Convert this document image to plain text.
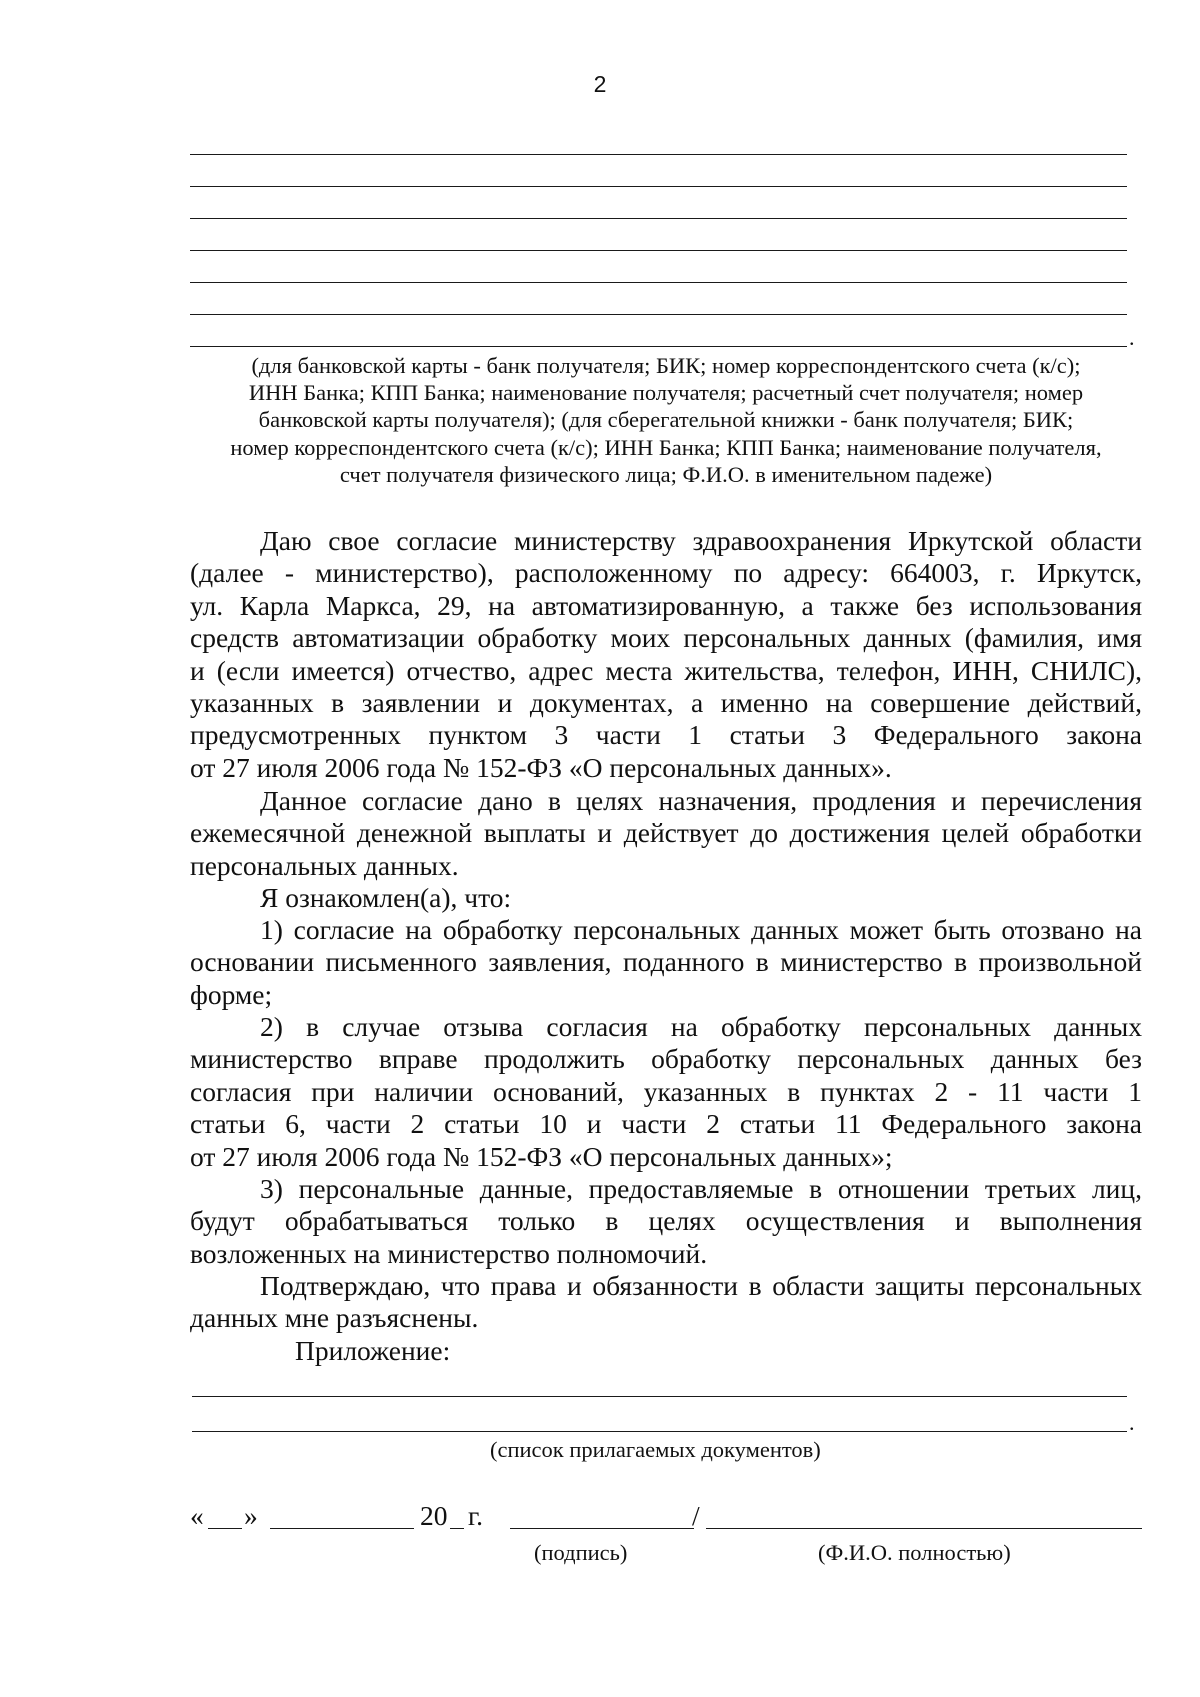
2
.
(для банковской карты - банк получателя; БИК; номер корреспондентского счета (к/с);
ИНН Банка; КПП Банка; наименование получателя; расчетный счет получателя; номер
банковской карты получателя); (для сберегательной книжки - банк получателя; БИК;
номер корреспондентского счета (к/с); ИНН Банка; КПП Банка; наименование получателя,
счет получателя физического лица; Ф.И.О. в именительном падеже)
Даю свое согласие министерству здравоохранения Иркутской области
(далее - министерство), расположенному по адресу: 664003, г. Иркутск,
ул. Карла Маркса, 29, на автоматизированную, а также без использования
средств автоматизации обработку моих персональных данных (фамилия, имя
и (если имеется) отчество, адрес места жительства, телефон, ИНН, СНИЛС),
указанных в заявлении и документах, а именно на совершение действий,
предусмотренных пунктом 3 части 1 статьи 3 Федерального закона
от 27 июля 2006 года № 152-ФЗ «О персональных данных».
Данное согласие дано в целях назначения, продления и перечисления
ежемесячной денежной выплаты и действует до достижения целей обработки
персональных данных.
Я ознакомлен(а), что:
1) согласие на обработку персональных данных может быть отозвано на
основании письменного заявления, поданного в министерство в произвольной
форме;
2) в случае отзыва согласия на обработку персональных данных
министерство вправе продолжить обработку персональных данных без
согласия при наличии оснований, указанных в пунктах 2 - 11 части 1
статьи 6, части 2 статьи 10 и части 2 статьи 11 Федерального закона
от 27 июля 2006 года № 152-ФЗ «О персональных данных»;
3) персональные данные, предоставляемые в отношении третьих лиц,
будут обрабатываться только в целях осуществления и выполнения
возложенных на министерство полномочий.
Подтверждаю, что права и обязанности в области защиты персональных
данных мне разъяснены.
Приложение:
.
(список прилагаемых документов)
« »	20 г.	/
(подпись)	(Ф.И.О. полностью)
